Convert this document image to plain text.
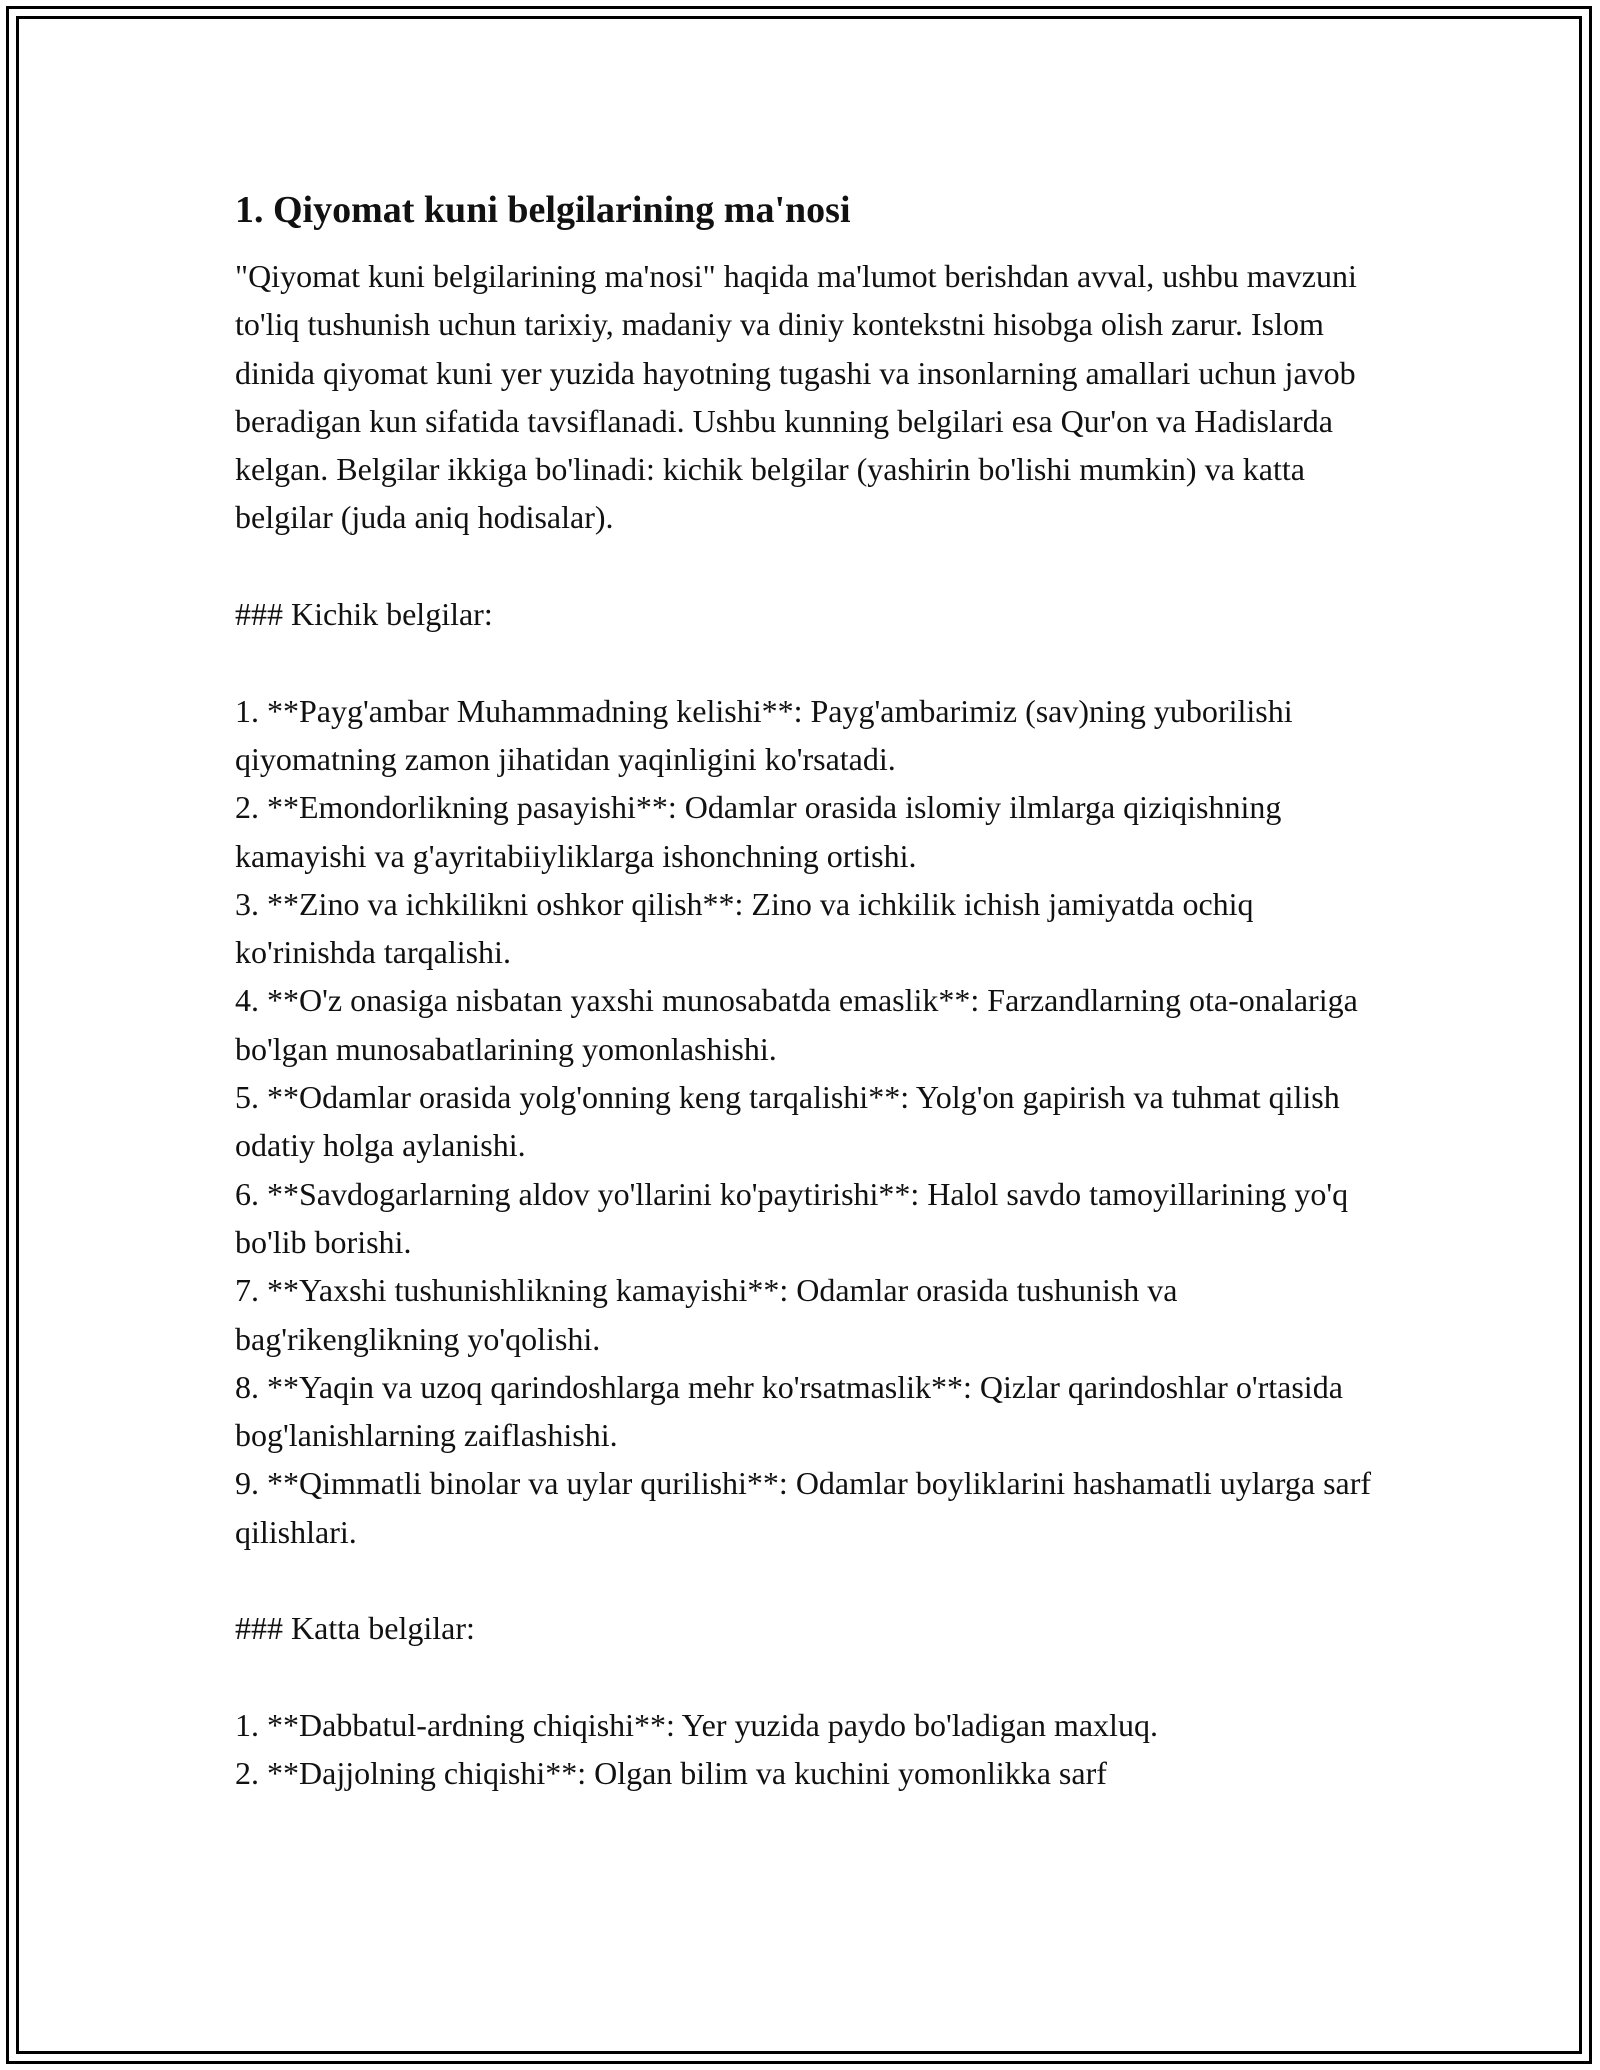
1. Qiyomat kuni belgilarining ma'nosi

"Qiyomat kuni belgilarining ma'nosi" haqida ma'lumot berishdan avval, ushbu mavzuni to'liq tushunish uchun tarixiy, madaniy va diniy kontekstni hisobga olish zarur. Islom dinida qiyomat kuni yer yuzida hayotning tugashi va insonlarning amallari uchun javob beradigan kun sifatida tavsiflanadi. Ushbu kunning belgilari esa Qur'on va Hadislarda kelgan. Belgilar ikkiga bo'linadi: kichik belgilar (yashirin bo'lishi mumkin) va katta belgilar (juda aniq hodisalar).

### Kichik belgilar:

1. **Payg'ambar Muhammadning kelishi**: Payg'ambarimiz (sav)ning yuborilishi qiyomatning zamon jihatidan yaqinligini ko'rsatadi.

2. **Emondorlikning pasayishi**: Odamlar orasida islomiy ilmlarga qiziqishning kamayishi va g'ayritabiiyliklarga ishonchning ortishi.

3. **Zino va ichkilikni oshkor qilish**: Zino va ichkilik ichish jamiyatda ochiq ko'rinishda tarqalishi.

4. **O'z onasiga nisbatan yaxshi munosabatda emaslik**: Farzandlarning ota-onalariga bo'lgan munosabatlarining yomonlashishi.

5. **Odamlar orasida yolg'onning keng tarqalishi**: Yolg'on gapirish va tuhmat qilish odatiy holga aylanishi.

6. **Savdogarlarning aldov yo'llarini ko'paytirishi**: Halol savdo tamoyillarining yo'q bo'lib borishi.

7. **Yaxshi tushunishlikning kamayishi**: Odamlar orasida tushunish va bag'rikenglikning yo'qolishi.

8. **Yaqin va uzoq qarindoshlarga mehr ko'rsatmaslik**: Qizlar qarindoshlar o'rtasida bog'lanishlarning zaiflashishi.

9. **Qimmatli binolar va uylar qurilishi**: Odamlar boyliklarini hashamatli uylarga sarf qilishlari.

### Katta belgilar:

1. **Dabbatul-ardning chiqishi**: Yer yuzida paydo bo'ladigan maxluq.

2. **Dajjolning chiqishi**: Olgan bilim va kuchini yomonlikka sarf
